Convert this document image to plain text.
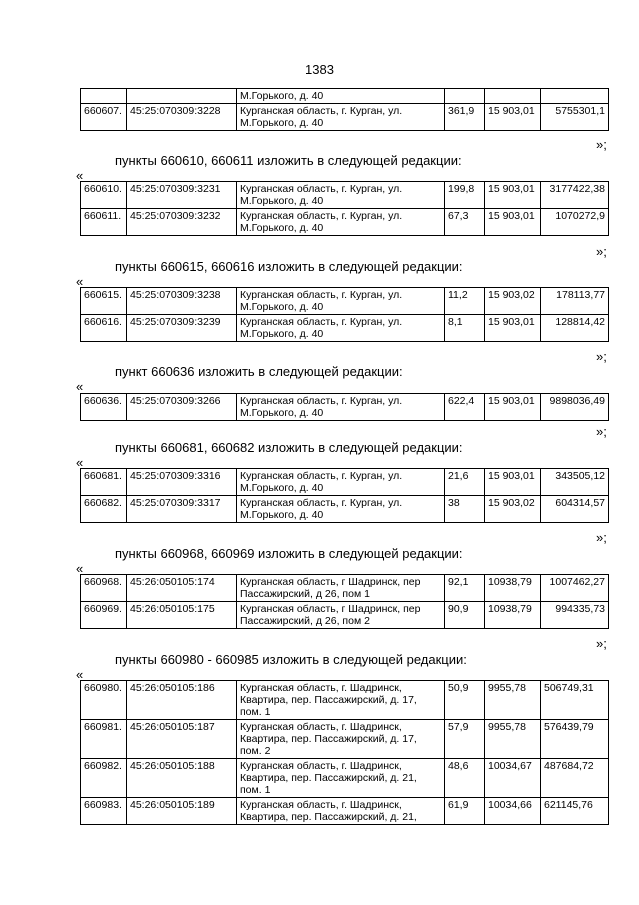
1383
		М.Горького, д. 40			
660607.	45:25:070309:3228	Курганская область, г. Курган, ул. М.Горького, д. 40	361,9	15 903,01	5755301,1
»;
пункты 660610, 660611 изложить в следующей редакции:
«
660610.	45:25:070309:3231	Курганская область, г. Курган, ул. М.Горького, д. 40	199,8	15 903,01	3177422,38
660611.	45:25:070309:3232	Курганская область, г. Курган, ул. М.Горького, д. 40	67,3	15 903,01	1070272,9
»;
пункты 660615, 660616 изложить в следующей редакции:
«
660615.	45:25:070309:3238	Курганская область, г. Курган, ул. М.Горького, д. 40	11,2	15 903,02	178113,77
660616.	45:25:070309:3239	Курганская область, г. Курган, ул. М.Горького, д. 40	8,1	15 903,01	128814,42
»;
пункт 660636 изложить в следующей редакции:
«
660636.	45:25:070309:3266	Курганская область, г. Курган, ул. М.Горького, д. 40	622,4	15 903,01	9898036,49
»;
пункты 660681, 660682 изложить в следующей редакции:
«
660681.	45:25:070309:3316	Курганская область, г. Курган, ул. М.Горького, д. 40	21,6	15 903,01	343505,12
660682.	45:25:070309:3317	Курганская область, г. Курган, ул. М.Горького, д. 40	38	15 903,02	604314,57
»;
пункты 660968, 660969 изложить в следующей редакции:
«
660968.	45:26:050105:174	Курганская область, г Шадринск, пер Пассажирский, д 26, пом 1	92,1	10938,79	1007462,27
660969.	45:26:050105:175	Курганская область, г Шадринск, пер Пассажирский, д 26, пом 2	90,9	10938,79	994335,73
»;
пункты 660980 - 660985 изложить в следующей редакции:
«
660980.	45:26:050105:186	Курганская область, г. Шадринск, Квартира, пер. Пассажирский, д. 17, пом. 1	50,9	9955,78	506749,31
660981.	45:26:050105:187	Курганская область, г. Шадринск, Квартира, пер. Пассажирский, д. 17, пом. 2	57,9	9955,78	576439,79
660982.	45:26:050105:188	Курганская область, г. Шадринск, Квартира, пер. Пассажирский, д. 21, пом. 1	48,6	10034,67	487684,72
660983.	45:26:050105:189	Курганская область, г. Шадринск, Квартира, пер. Пассажирский, д. 21,	61,9	10034,66	621145,76
